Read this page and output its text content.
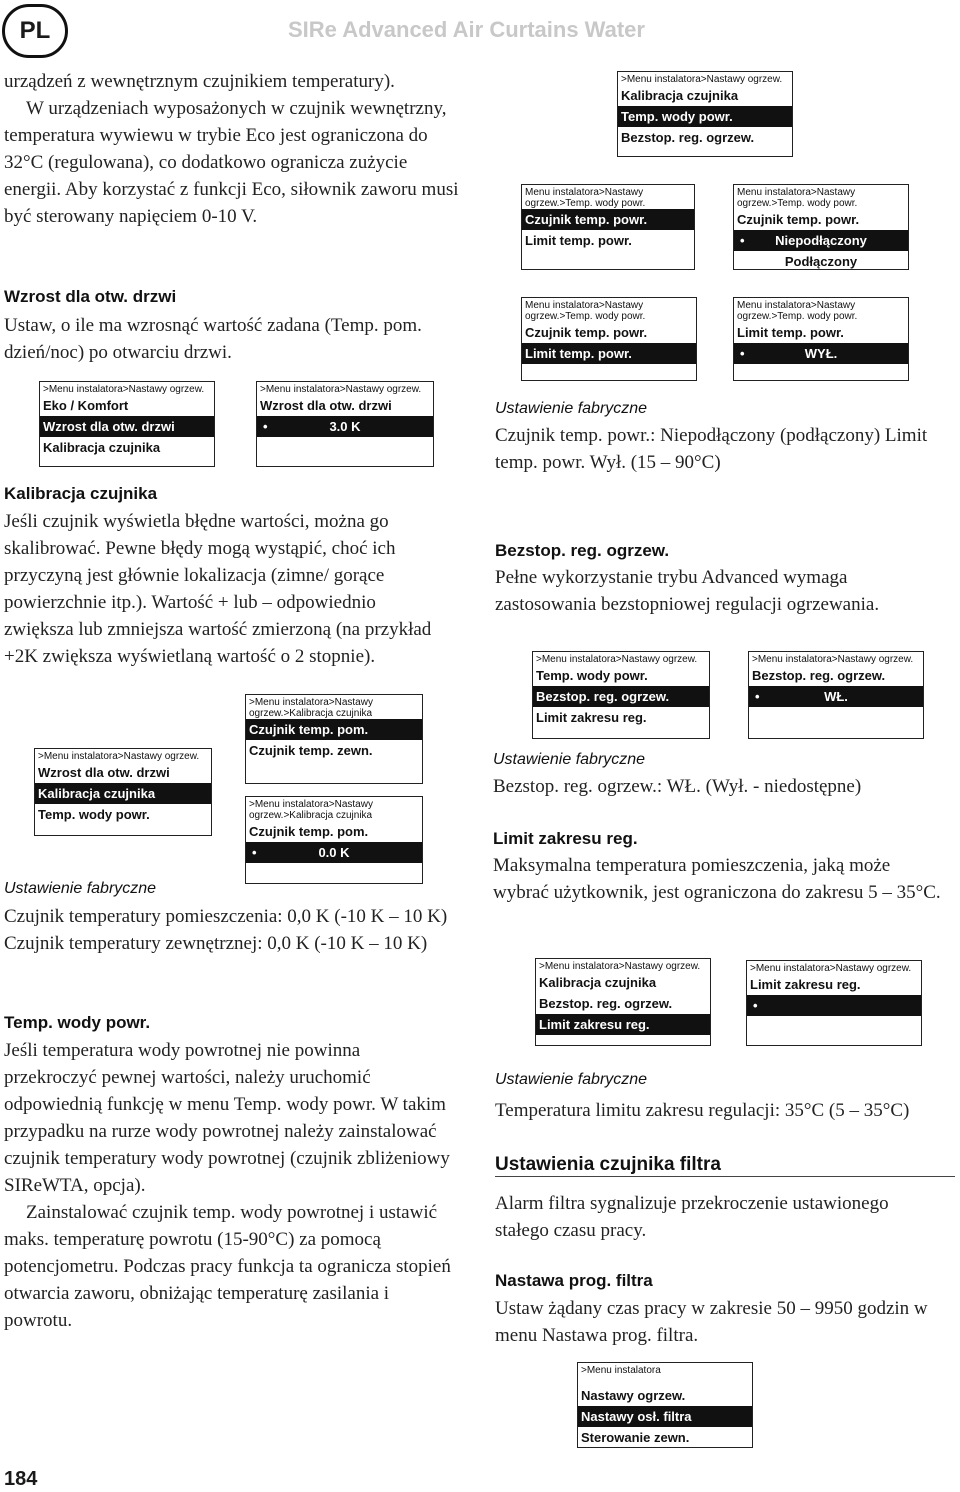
PL	SIRe Advanced Air Curtains Water
urządzeń z wewnętrznym czujnikiem temperatury).
W urządzeniach wyposażonych w czujnik wewnętrzny, temperatura wywiewu w trybie Eco jest ograniczona do 32°C (regulowana), co dodatkowo ogranicza zużycie energii. Aby korzystać z funkcji Eco, siłownik zaworu musi być sterowany napięciem 0-10 V.
Wzrost dla otw. drzwi
Ustaw, o ile ma wzrosnąć wartość zadana (Temp. pom. dzień/noc) po otwarciu drzwi.
Kalibracja czujnika
Jeśli czujnik wyświetla błędne wartości, można go skalibrować. Pewne błędy mogą wystąpić, choć ich przyczyną jest głównie lokalizacja (zimne/ gorące powierzchnie itp.). Wartość + lub – odpowiednio zwiększa lub zmniejsza wartość zmierzoną (na przykład +2K zwiększa wyświetlaną wartość o 2 stopnie).
Ustawienie fabryczne
Czujnik temperatury pomieszczenia: 0,0 K (-10 K – 10 K) Czujnik temperatury zewnętrznej: 0,0 K (-10 K – 10 K)
Temp. wody powr.
Jeśli temperatura wody powrotnej nie powinna przekroczyć pewnej wartości, należy uruchomić odpowiednią funkcję w menu Temp. wody powr. W takim przypadku na rurze wody powrotnej należy zainstalować czujnik temperatury wody powrotnej (czujnik zbliżeniowy SIReWTA, opcja).
Zainstalować czujnik temp. wody powrotnej i ustawić maks. temperaturę powrotu (15-90°C) za pomocą potencjometru. Podczas pracy funkcja ta ogranicza stopień otwarcia zaworu, obniżając temperaturę zasilania i powrotu.
Ustawienie fabryczne
Czujnik temp. powr.: Niepodłączony (podłączony) Limit temp. powr. Wył. (15 – 90°C)
Bezstop. reg. ogrzew.
Pełne wykorzystanie trybu Advanced wymaga zastosowania bezstopniowej regulacji ogrzewania.
Ustawienie fabryczne
Bezstop. reg. ogrzew.: WŁ. (Wył. - niedostępne)
Limit zakresu reg.
Maksymalna temperatura pomieszczenia, jaką może wybrać użytkownik, jest ograniczona do zakresu 5 – 35°C.
Ustawienie fabryczne
Temperatura limitu zakresu regulacji: 35°C (5 – 35°C)
Ustawienia czujnika filtra
Alarm filtra sygnalizuje przekroczenie ustawionego stałego czasu pracy.
Nastawa prog. filtra
Ustaw żądany czas pracy w zakresie 50 – 9950 godzin w menu Nastawa prog. filtra.
>Menu instalatora>Nastawy ogrzew.
Kalibracja czujnika
Temp. wody powr.
Bezstop. reg. ogrzew.
Menu instalatora>Nastawy ogrzew.>Temp. wody powr.
Czujnik temp. powr.
Limit temp. powr.
Menu instalatora>Nastawy ogrzew.>Temp. wody powr.
Czujnik temp. powr.
• Niepodłączony
Podłączony
Menu instalatora>Nastawy ogrzew.>Temp. wody powr.
Czujnik temp. powr.
Limit temp. powr.
Menu instalatora>Nastawy ogrzew.>Temp. wody powr.
Limit temp. powr.
•	WYŁ.
>Menu instalatora>Nastawy ogrzew.
Eko / Komfort
Wzrost dla otw. drzwi
Kalibracja czujnika
>Menu instalatora>Nastawy ogrzew.
Wzrost dla otw. drzwi
•	3.0 K
>Menu instalatora>Nastawy ogrzew.>Kalibracja czujnika
Czujnik temp. pom.
Czujnik temp. zewn.
>Menu instalatora>Nastawy ogrzew.
Wzrost dla otw. drzwi
Kalibracja czujnika
Temp. wody powr.
>Menu instalatora>Nastawy ogrzew.>Kalibracja czujnika
Czujnik temp. pom.
•	0.0 K
>Menu instalatora>Nastawy ogrzew.
Temp. wody powr.
Bezstop. reg. ogrzew.
Limit zakresu reg.
>Menu instalatora>Nastawy ogrzew.
Bezstop. reg. ogrzew.
•	WŁ.
>Menu instalatora>Nastawy ogrzew.
Kalibracja czujnika
Bezstop. reg. ogrzew.
Limit zakresu reg.
>Menu instalatora>Nastawy ogrzew.
Limit zakresu reg.
•
>Menu instalatora
Nastawy ogrzew.
Nastawy osł. filtra
Sterowanie zewn.
184
